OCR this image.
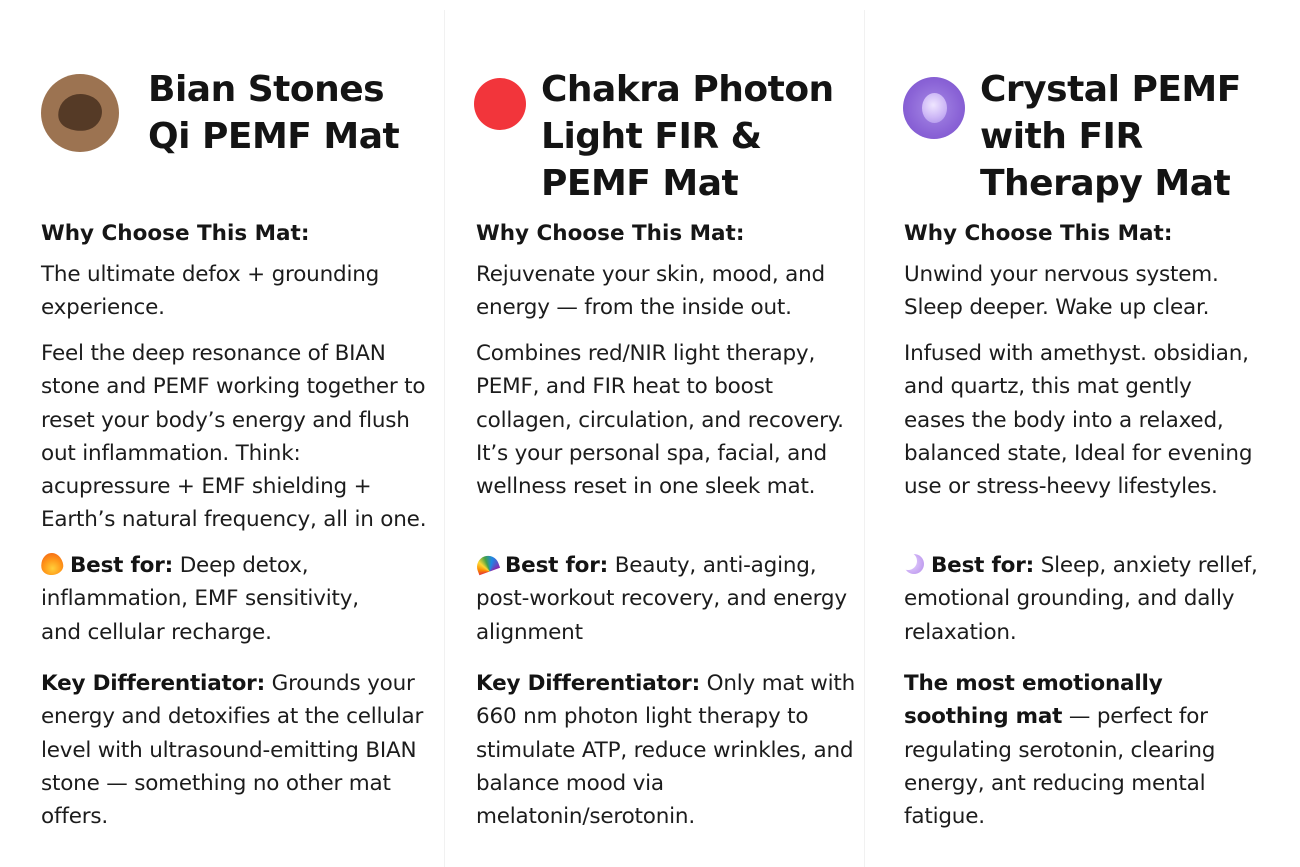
Bian Stones Qi PEMF Mat
Why Choose This Mat:

The ultimate defox + grounding experience.

Feel the deep resonance of BIAN stone and PEMF working together to reset your body’s energy and flush out inflammation. Think: acupressure + EMF shielding + Earth’s natural frequency, all in one.

Best for: Deep detox, inflammation, EMF sensitivity, and cellular recharge.

Key Differentiator: Grounds your energy and detoxifies at the cellular level with ultrasound-emitting BIAN stone — something no other mat offers.

Chakra Photon Light FIR & PEMF Mat
Why Choose This Mat:

Rejuvenate your skin, mood, and energy — from the inside out.

Combines red/NIR light therapy, PEMF, and FIR heat to boost collagen, circulation, and recovery. It’s your personal spa, facial, and wellness reset in one sleek mat.

Best for: Beauty, anti-aging, post-workout recovery, and energy alignment

Key Differentiator: Only mat with 660 nm photon light therapy to stimulate ATP, reduce wrinkles, and balance mood via melatonin/serotonin.

Crystal PEMF with FIR Therapy Mat
Why Choose This Mat:

Unwind your nervous system. Sleep deeper. Wake up clear.

Infused with amethyst. obsidian, and quartz, this mat gently eases the body into a relaxed, balanced state, Ideal for evening use or stress-heevy lifestyles.

Best for: Sleep, anxiety rellef, emotional grounding, and dally relaxation.

The most emotionally soothing mat — perfect for regulating serotonin, clearing energy, ant reducing mental fatigue.
